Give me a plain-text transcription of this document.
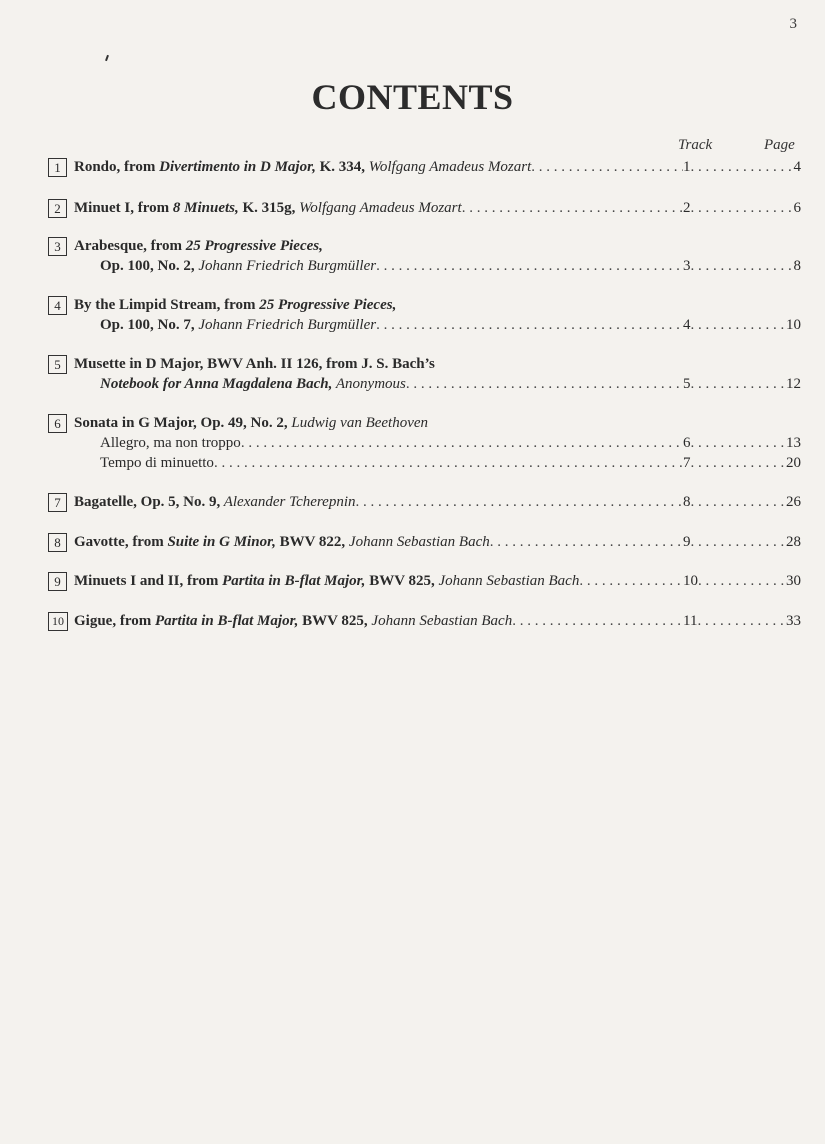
3
CONTENTS
Track	Page
1 Rondo, from Divertimento in D Major, K. 334, Wolfgang Amadeus Mozart . . .	1 . . .	4
2 Minuet I, from 8 Minuets, K. 315g, Wolfgang Amadeus Mozart . . .	2 . . .	6
3 Arabesque, from 25 Progressive Pieces,
Op. 100, No. 2, Johann Friedrich Burgmüller . . .	3 . . .	8
4 By the Limpid Stream, from 25 Progressive Pieces,
Op. 100, No. 7, Johann Friedrich Burgmüller . . .	4 . . .	10
5 Musette in D Major, BWV Anh. II 126, from J. S. Bach’s
Notebook for Anna Magdalena Bach, Anonymous . . .	5 . . .	12
6 Sonata in G Major, Op. 49, No. 2, Ludwig van Beethoven
Allegro, ma non troppo . . .	6 . . .	13
Tempo di minuetto . . .	7 . . .	20
7 Bagatelle, Op. 5, No. 9, Alexander Tcherepnin . . .	8 . . .	26
8 Gavotte, from Suite in G Minor, BWV 822, Johann Sebastian Bach . . .	9 . . .	28
9 Minuets I and II, from Partita in B-flat Major, BWV 825, Johann Sebastian Bach . . .	10 . . .	30
10 Gigue, from Partita in B-flat Major, BWV 825, Johann Sebastian Bach . . .	11 . . .	33
